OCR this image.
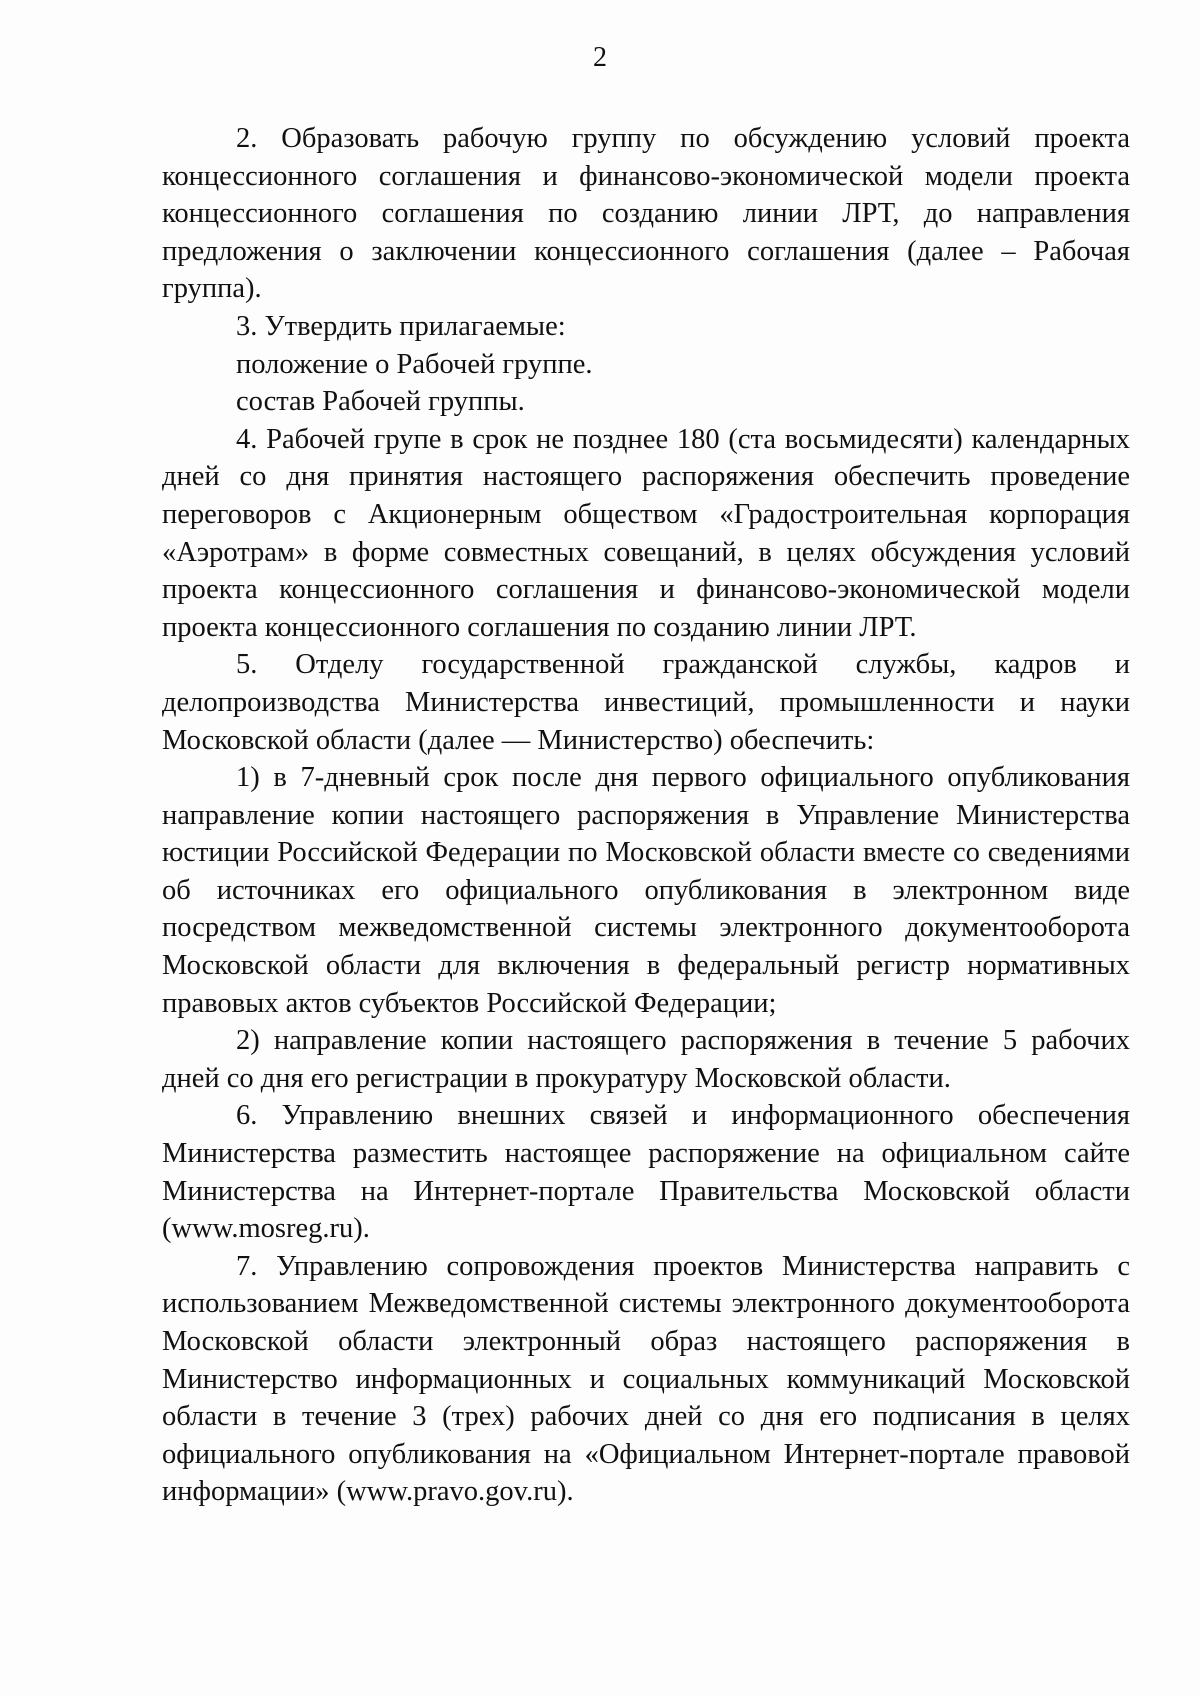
2

2. Образовать рабочую группу по обсуждению условий проекта концессионного соглашения и финансово-экономической модели проекта концессионного соглашения по созданию линии ЛРТ, до направления предложения о заключении концессионного соглашения (далее – Рабочая группа).

3. Утвердить прилагаемые:

положение о Рабочей группе.

состав Рабочей группы.

4. Рабочей групе в срок не позднее 180 (ста восьмидесяти) календарных дней со дня принятия настоящего распоряжения обеспечить проведение переговоров с Акционерным обществом «Градостроительная корпорация «Аэротрам» в форме совместных совещаний, в целях обсуждения условий проекта концессионного соглашения и финансово-экономической модели проекта концессионного соглашения по созданию линии ЛРТ.

5. Отделу государственной гражданской службы, кадров и делопроизводства Министерства инвестиций, промышленности и науки Московской области (далее — Министерство) обеспечить:

1) в 7-дневный срок после дня первого официального опубликования направление копии настоящего распоряжения в Управление Министерства юстиции Российской Федерации по Московской области вместе со сведениями об источниках его официального опубликования в электронном виде посредством межведомственной системы электронного документооборота Московской области для включения в федеральный регистр нормативных правовых актов субъектов Российской Федерации;

2) направление копии настоящего распоряжения в течение 5 рабочих дней со дня его регистрации в прокуратуру Московской области.

6. Управлению внешних связей и информационного обеспечения Министерства разместить настоящее распоряжение на официальном сайте Министерства на Интернет-портале Правительства Московской области (www.mosreg.ru).

7. Управлению сопровождения проектов Министерства направить с использованием Межведомственной системы электронного документооборота Московской области электронный образ настоящего распоряжения в Министерство информационных и социальных коммуникаций Московской области в течение 3 (трех) рабочих дней со дня его подписания в целях официального опубликования на «Официальном Интернет-портале правовой информации» (www.pravo.gov.ru).
